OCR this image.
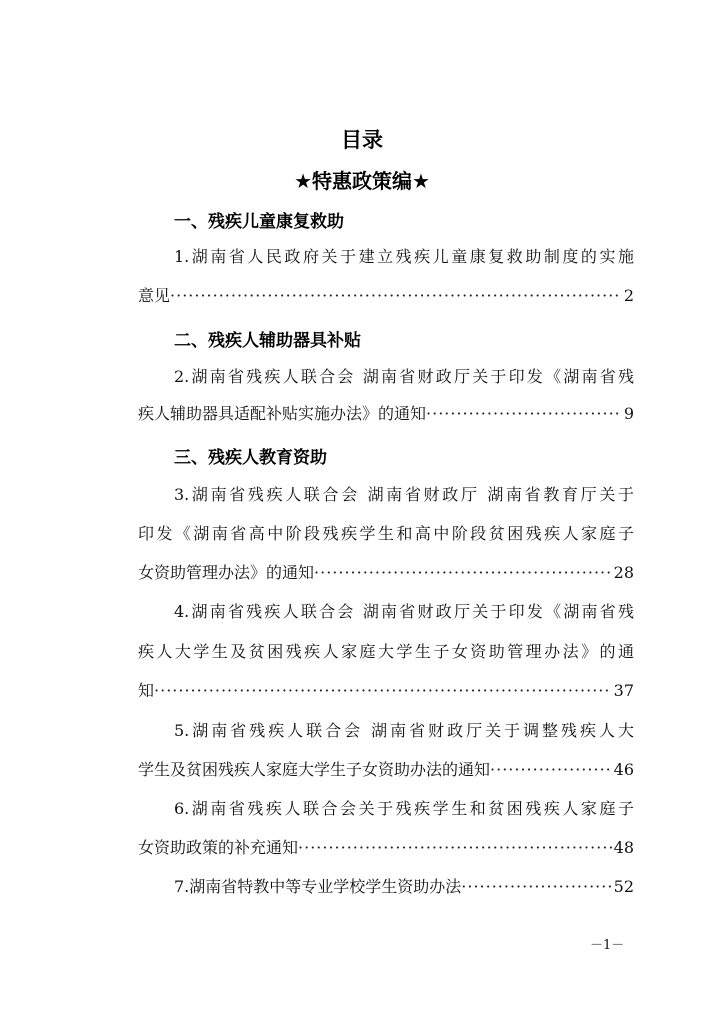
目录
★特惠政策编★
一、残疾儿童康复救助
1.湖南省人民政府关于建立残疾儿童康复救助制度的实施
意见 ·····	2
二、残疾人辅助器具补贴
2.湖南省残疾人联合会 湖南省财政厅关于印发《湖南省残
疾人辅助器具适配补贴实施办法》的通知 ·····	9
三、残疾人教育资助
3.湖南省残疾人联合会 湖南省财政厅 湖南省教育厅关于
印发《湖南省高中阶段残疾学生和高中阶段贫困残疾人家庭子
女资助管理办法》的通知 ·····	28
4.湖南省残疾人联合会 湖南省财政厅关于印发《湖南省残
疾人大学生及贫困残疾人家庭大学生子女资助管理办法》的通
知 ·····	37
5.湖南省残疾人联合会 湖南省财政厅关于调整残疾人大
学生及贫困残疾人家庭大学生子女资助办法的通知 ·····	46
6.湖南省残疾人联合会关于残疾学生和贫困残疾人家庭子
女资助政策的补充通知 ·····	48
7.湖南省特教中等专业学校学生资助办法 ·····	52
－1－
